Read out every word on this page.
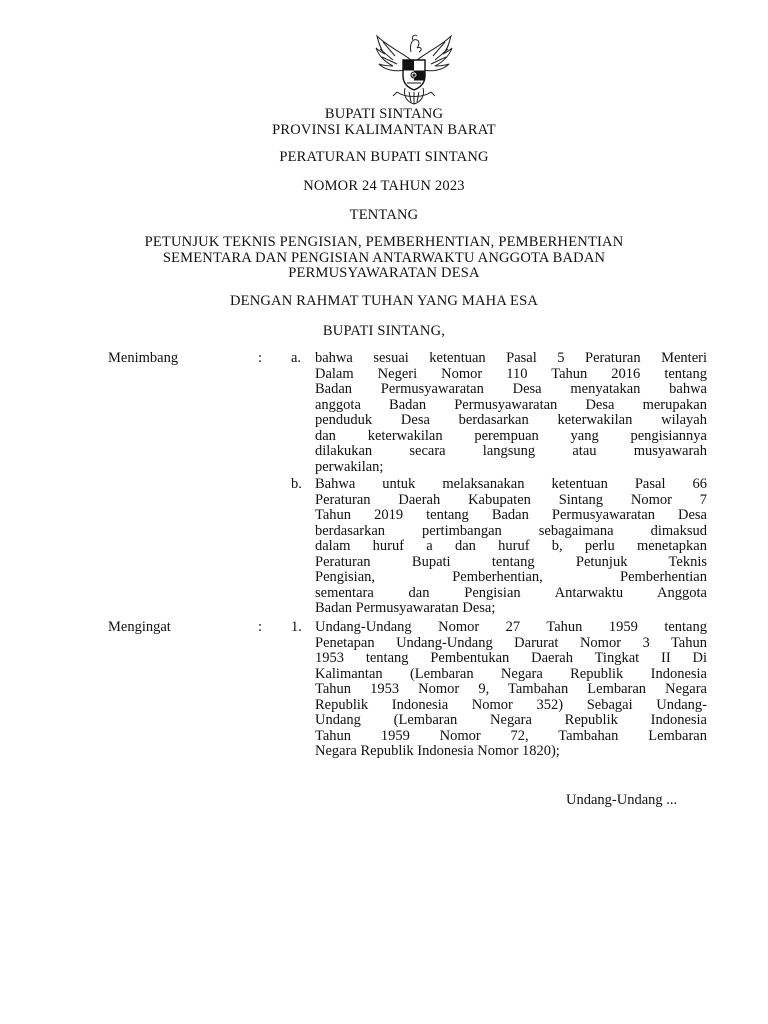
BUPATI SINTANG
PROVINSI KALIMANTAN BARAT
PERATURAN BUPATI SINTANG
NOMOR 24 TAHUN 2023
TENTANG
PETUNJUK TEKNIS PENGISIAN, PEMBERHENTIAN, PEMBERHENTIAN
SEMENTARA DAN PENGISIAN ANTARWAKTU ANGGOTA BADAN
PERMUSYAWARATAN DESA
DENGAN RAHMAT TUHAN YANG MAHA ESA
BUPATI SINTANG,
Menimbang	: a. bahwa sesuai ketentuan Pasal 5 Peraturan Menteri
Dalam Negeri Nomor 110 Tahun 2016 tentang
Badan Permusyawaratan Desa menyatakan bahwa
anggota Badan Permusyawaratan Desa merupakan
penduduk Desa berdasarkan keterwakilan wilayah
dan keterwakilan perempuan yang pengisiannya
dilakukan secara langsung atau musyawarah
perwakilan;
b. Bahwa untuk melaksanakan ketentuan Pasal 66
Peraturan Daerah Kabupaten Sintang Nomor 7
Tahun 2019 tentang Badan Permusyawaratan Desa
berdasarkan pertimbangan sebagaimana dimaksud
dalam huruf a dan huruf b, perlu menetapkan
Peraturan Bupati tentang Petunjuk Teknis
Pengisian, Pemberhentian, Pemberhentian
sementara dan Pengisian Antarwaktu Anggota
Badan Permusyawaratan Desa;
Mengingat	: 1. Undang-Undang Nomor 27 Tahun 1959 tentang
Penetapan Undang-Undang Darurat Nomor 3 Tahun
1953 tentang Pembentukan Daerah Tingkat II Di
Kalimantan (Lembaran Negara Republik Indonesia
Tahun 1953 Nomor 9, Tambahan Lembaran Negara
Republik Indonesia Nomor 352) Sebagai Undang-
Undang (Lembaran Negara Republik Indonesia
Tahun 1959 Nomor 72, Tambahan Lembaran
Negara Republik Indonesia Nomor 1820);
Undang-Undang ...
